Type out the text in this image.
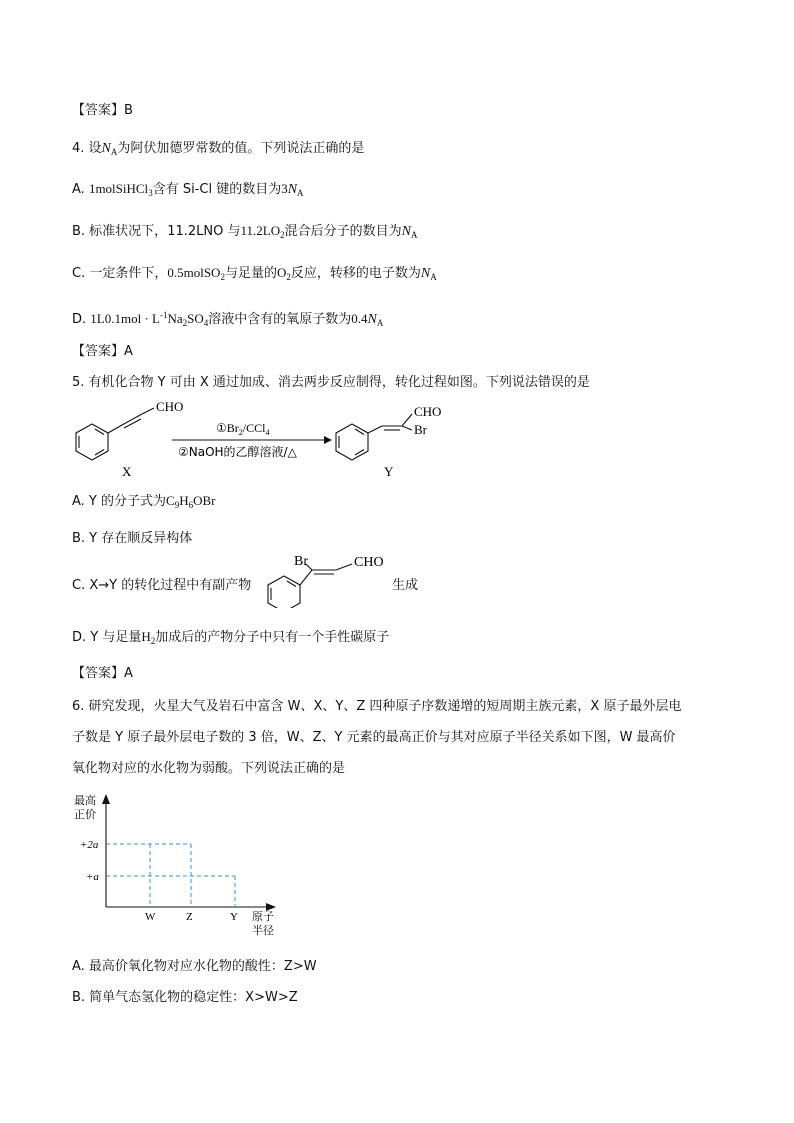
【答案】B
4. 设$N_A$为阿伏加德罗常数的值。下列说法正确的是
A. 1molSiHCl$_3$含有 Si-Cl 键的数目为$3N_A$
B. 标准状况下，11.2LNO 与$11.2LO_2$混合后分子的数目为$N_A$
C. 一定条件下，0.5molSO$_2$与足量的$O_2$反应，转移的电子数为$N_A$
D. $1L0.1mol \cdot L^{-1}Na_2SO_4$溶液中含有的氧原子数为$0.4N_A$
【答案】A
5. 有机化合物 Y 可由 X 通过加成、消去两步反应制得，转化过程如图。下列说法错误的是
CHO
X
$①Br_2/CCl_4$
②NaOH的乙醇溶液/△
CHO
Br
Y
A. Y 的分子式为$C_9H_6OBr$
B. Y 存在顺反异构体
C. X→Y 的转化过程中有副产物
Br	CHO
生成
D. Y 与足量$H_2$加成后的产物分子中只有一个手性碳原子
【答案】A
6. 研究发现，火星大气及岩石中富含 W、X、Y、Z 四种原子序数递增的短周期主族元素，X 原子最外层电
子数是 Y 原子最外层电子数的 3 倍，W、Z、Y 元素的最高正价与其对应原子半径关系如下图，W 最高价
氧化物对应的水化物为弱酸。下列说法正确的是
最高
正价
+2a
+a
W	Z	Y 原子
半径
A. 最高价氧化物对应水化物的酸性：Z>W
B. 简单气态氢化物的稳定性：X>W>Z
